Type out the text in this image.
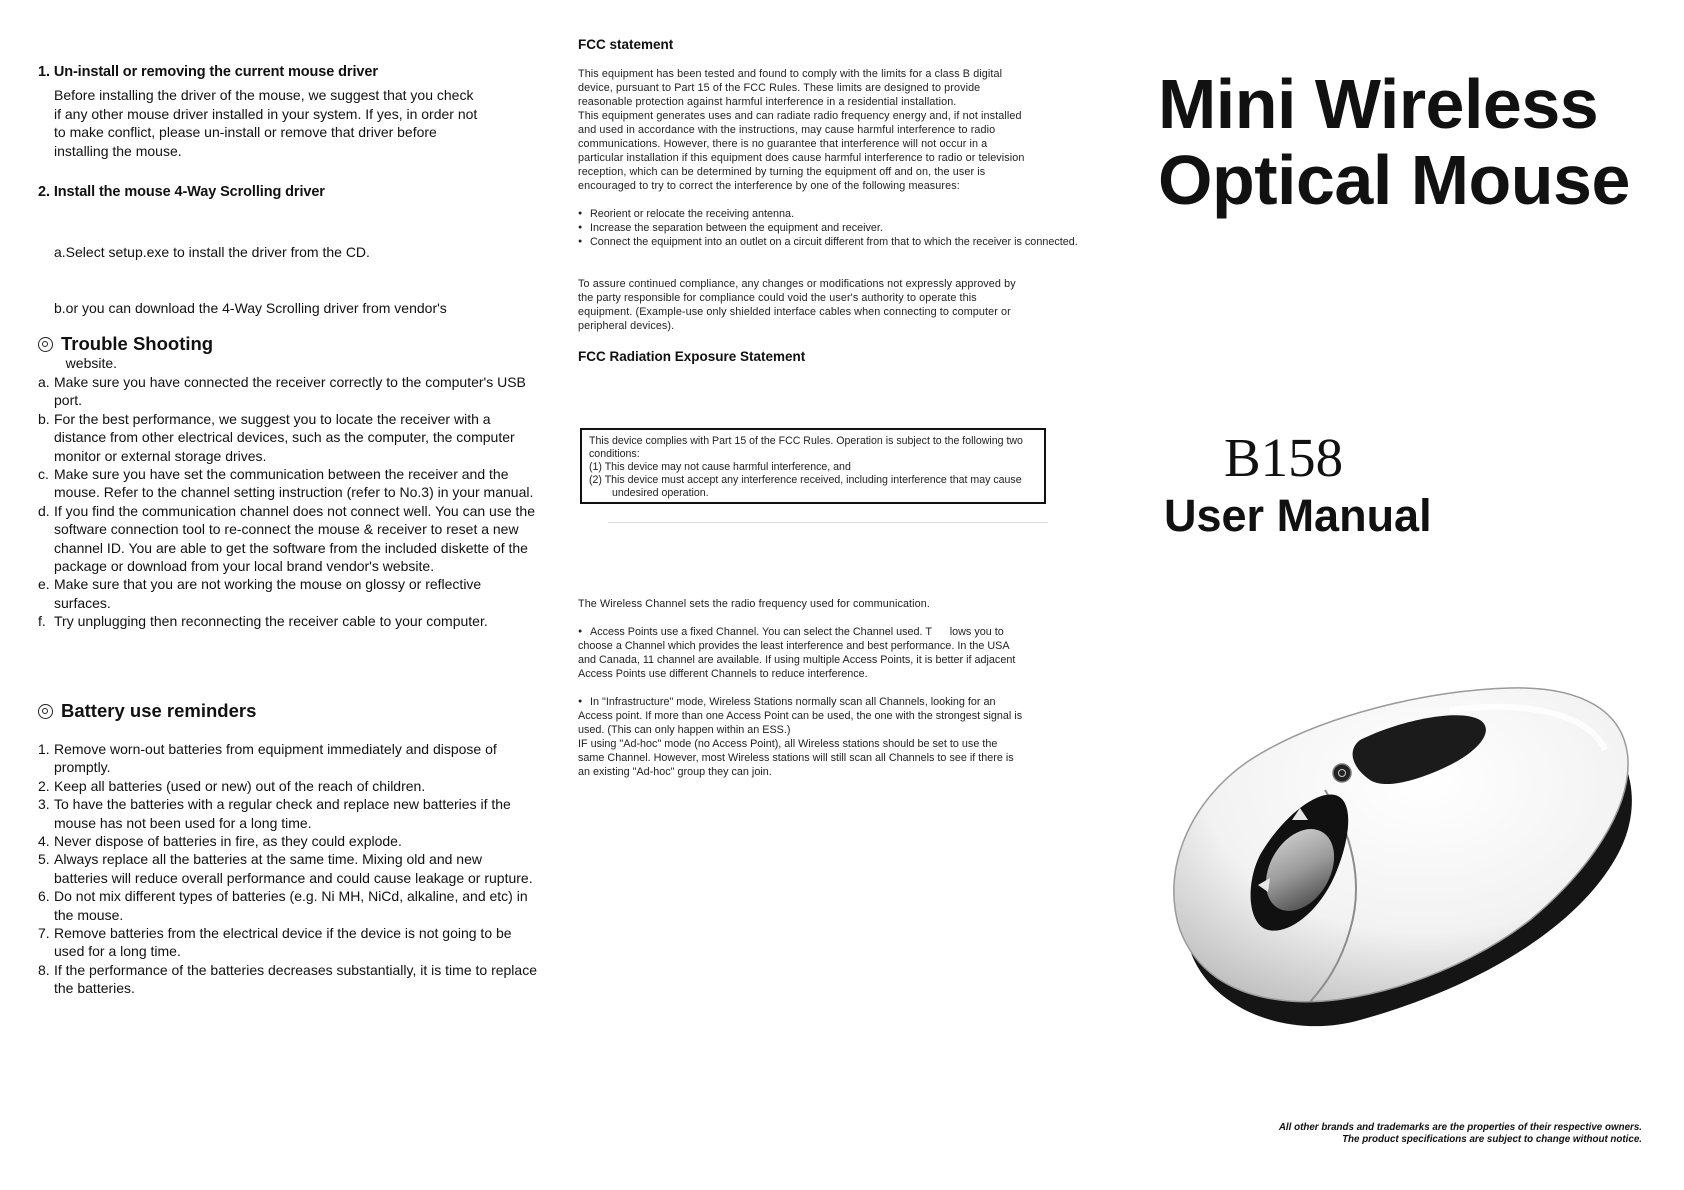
1. Un-install or removing the current mouse driver
Before installing the driver of the mouse, we suggest that you check
if any other mouse driver installed in your system. If yes, in order not
to make conflict, please un-install or remove that driver before
installing the mouse.
2. Install the mouse 4-Way Scrolling driver

a.Select setup.exe to install the driver from the CD.

b.or you can download the 4-Way Scrolling driver from vendor's

website.

Trouble Shooting
a. Make sure you have connected the receiver correctly to the computer's USB port.
b. For the best performance, we suggest you to locate the receiver with a distance from other electrical devices, such as the computer, the computer monitor or external storage drives.
c. Make sure you have set the communication between the receiver and the mouse. Refer to the channel setting instruction (refer to No.3) in your manual.
d. If you find the communication channel does not connect well. You can use the software connection tool to re-connect the mouse & receiver to reset a new channel ID. You are able to get the software from the included diskette of the package or download from your local brand vendor's website.
e. Make sure that you are not working the mouse on glossy or reflective surfaces.
f. Try unplugging then reconnecting the receiver cable to your computer.
Battery use reminders
1. Remove worn-out batteries from equipment immediately and dispose of promptly.
2. Keep all batteries (used or new) out of the reach of children.
3. To have the batteries with a regular check and replace new batteries if the mouse has not been used for a long time.
4. Never dispose of batteries in fire, as they could explode.
5. Always replace all the batteries at the same time. Mixing old and new batteries will reduce overall performance and could cause leakage or rupture.
6. Do not mix different types of batteries (e.g. Ni MH, NiCd, alkaline, and etc) in the mouse.
7. Remove batteries from the electrical device if the device is not going to be used for a long time.
8. If the performance of the batteries decreases substantially, it is time to replace the batteries.
FCC statement
This equipment has been tested and found to comply with the limits for a class B digital
device, pursuant to Part 15 of the FCC Rules. These limits are designed to provide
reasonable protection against harmful interference in a residential installation.
This equipment generates uses and can radiate radio frequency energy and, if not installed
and used in accordance with the instructions, may cause harmful interference to radio
communications. However, there is no guarantee that interference will not occur in a
particular installation if this equipment does cause harmful interference to radio or television
reception, which can be determined by turning the equipment off and on, the user is
encouraged to try to correct the interference by one of the following measures:
● Reorient or relocate the receiving antenna.
● Increase the separation between the equipment and receiver.
● Connect the equipment into an outlet on a circuit different from that to which the receiver is connected.
To assure continued compliance, any changes or modifications not expressly approved by
the party responsible for compliance could void the user's authority to operate this
equipment. (Example-use only shielded interface cables when connecting to computer or
peripheral devices).
FCC Radiation Exposure Statement
This device complies with Part 15 of the FCC Rules. Operation is subject to the following two
conditions:
(1) This device may not cause harmful interference, and
(2) This device must accept any interference received, including interference that may cause
undesired operation.
The Wireless Channel sets the radio frequency used for communication.
● Access Points use a fixed Channel. You can select the Channel used. T      lows you to
choose a Channel which provides the least interference and best performance. In the USA
and Canada, 11 channel are available. If using multiple Access Points, it is better if adjacent
Access Points use different Channels to reduce interference.
● In "Infrastructure" mode, Wireless Stations normally scan all Channels, looking for an
Access point. If more than one Access Point can be used, the one with the strongest signal is
used. (This can only happen within an ESS.)
IF using "Ad-hoc" mode (no Access Point), all Wireless stations should be set to use the
same Channel. However, most Wireless stations will still scan all Channels to see if there is
an existing "Ad-hoc" group they can join.
Mini Wireless
Optical Mouse
B158
User Manual
All other brands and trademarks are the properties of their respective owners.
The product specifications are subject to change without notice.
